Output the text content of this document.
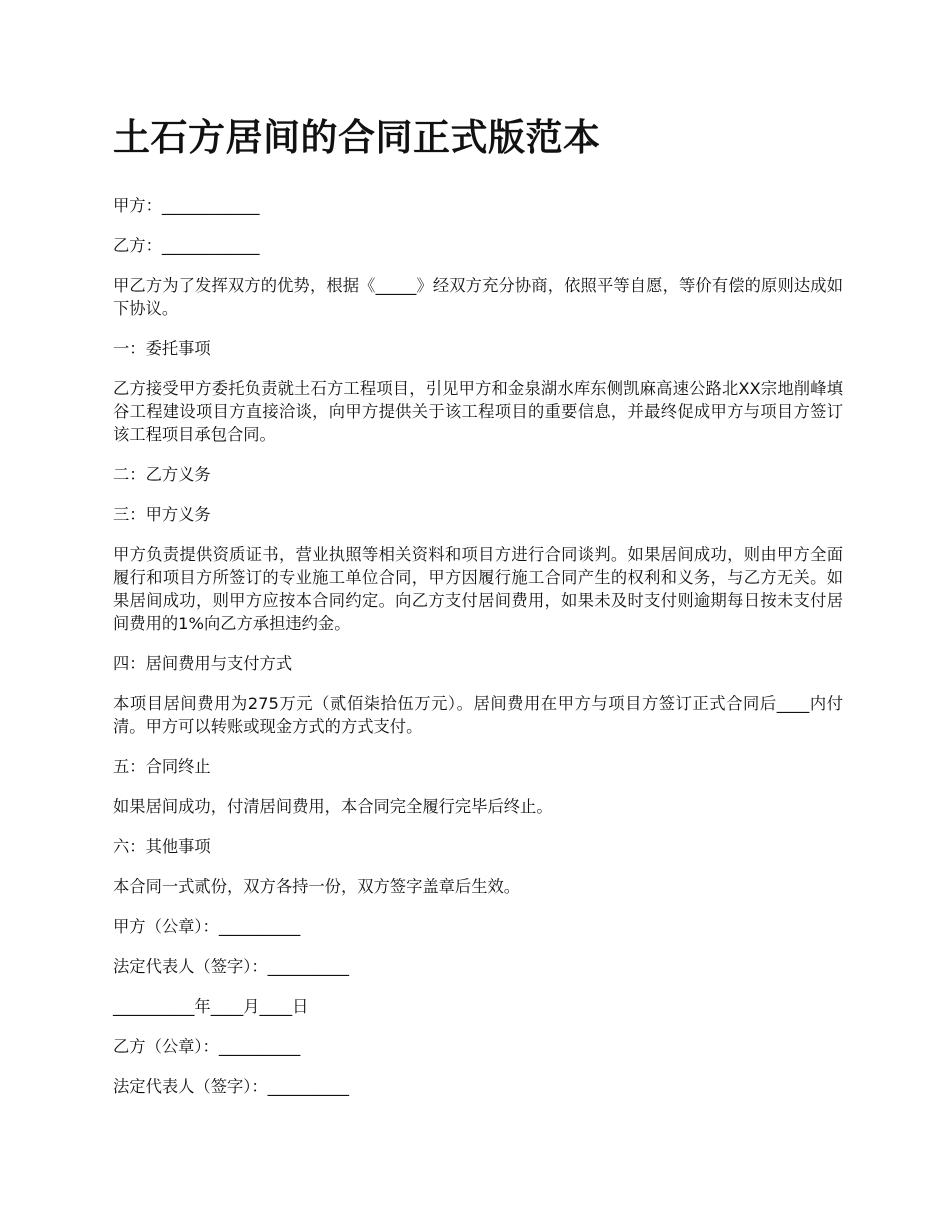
土石方居间的合同正式版范本

甲方：____________

乙方：____________

甲乙方为了发挥双方的优势，根据《_____》经双方充分协商，依照平等自愿，等价有偿的原则达成如下协议。

一：委托事项

乙方接受甲方委托负责就土石方工程项目，引见甲方和金泉湖水库东侧凯麻高速公路北XX宗地削峰填谷工程建设项目方直接洽谈，向甲方提供关于该工程项目的重要信息，并最终促成甲方与项目方签订该工程项目承包合同。

二：乙方义务

三：甲方义务

甲方负责提供资质证书，营业执照等相关资料和项目方进行合同谈判。如果居间成功，则由甲方全面履行和项目方所签订的专业施工单位合同，甲方因履行施工合同产生的权利和义务，与乙方无关。如果居间成功，则甲方应按本合同约定。向乙方支付居间费用，如果未及时支付则逾期每日按未支付居间费用的1%向乙方承担违约金。

四：居间费用与支付方式

本项目居间费用为275万元（贰佰柒拾伍万元）。居间费用在甲方与项目方签订正式合同后____内付清。甲方可以转账或现金方式的方式支付。

五：合同终止

如果居间成功，付清居间费用，本合同完全履行完毕后终止。

六：其他事项

本合同一式贰份，双方各持一份，双方签字盖章后生效。

甲方（公章）：__________

法定代表人（签字）：__________

__________年____月____日

乙方（公章）：__________

法定代表人（签字）：__________
